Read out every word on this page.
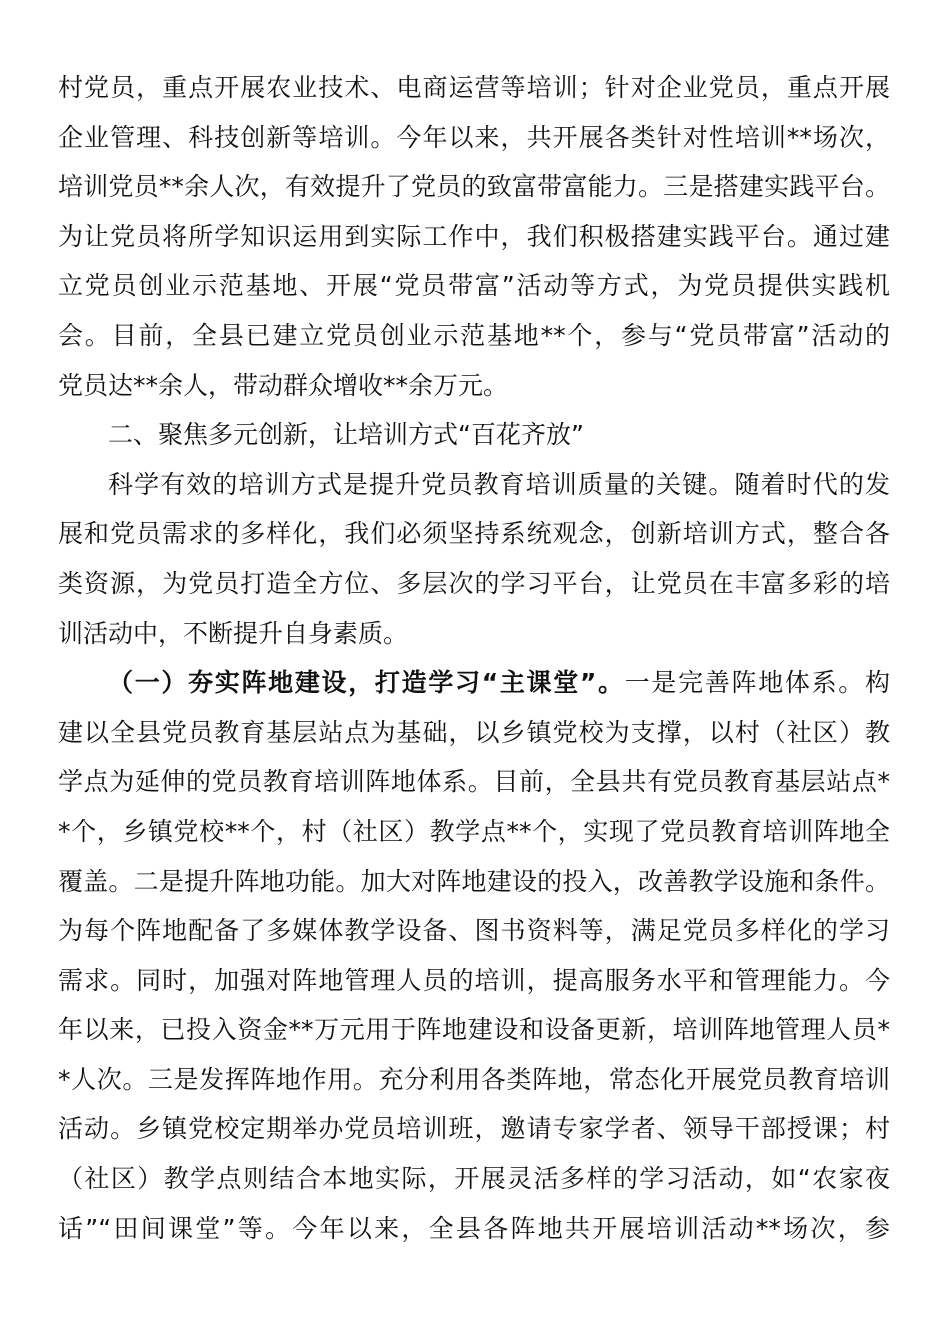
村党员，重点开展农业技术、电商运营等培训；针对企业党员，重点开展
企业管理、科技创新等培训。今年以来，共开展各类针对性培训**场次，
培训党员**余人次，有效提升了党员的致富带富能力。三是搭建实践平台。
为让党员将所学知识运用到实际工作中，我们积极搭建实践平台。通过建
立党员创业示范基地、开展“党员带富”活动等方式，为党员提供实践机
会。目前，全县已建立党员创业示范基地**个，参与“党员带富”活动的
党员达**余人，带动群众增收**余万元。
二、聚焦多元创新，让培训方式“百花齐放”
科学有效的培训方式是提升党员教育培训质量的关键。随着时代的发
展和党员需求的多样化，我们必须坚持系统观念，创新培训方式，整合各
类资源，为党员打造全方位、多层次的学习平台，让党员在丰富多彩的培
训活动中，不断提升自身素质。
（一）夯实阵地建设，打造学习“主课堂”。一是完善阵地体系。构
建以全县党员教育基层站点为基础，以乡镇党校为支撑，以村（社区）教
学点为延伸的党员教育培训阵地体系。目前，全县共有党员教育基层站点*
*个，乡镇党校**个，村（社区）教学点**个，实现了党员教育培训阵地全
覆盖。二是提升阵地功能。加大对阵地建设的投入，改善教学设施和条件。
为每个阵地配备了多媒体教学设备、图书资料等，满足党员多样化的学习
需求。同时，加强对阵地管理人员的培训，提高服务水平和管理能力。今
年以来，已投入资金**万元用于阵地建设和设备更新，培训阵地管理人员*
*人次。三是发挥阵地作用。充分利用各类阵地，常态化开展党员教育培训
活动。乡镇党校定期举办党员培训班，邀请专家学者、领导干部授课；村
（社区）教学点则结合本地实际，开展灵活多样的学习活动，如“农家夜
话”“田间课堂”等。今年以来，全县各阵地共开展培训活动**场次，参
